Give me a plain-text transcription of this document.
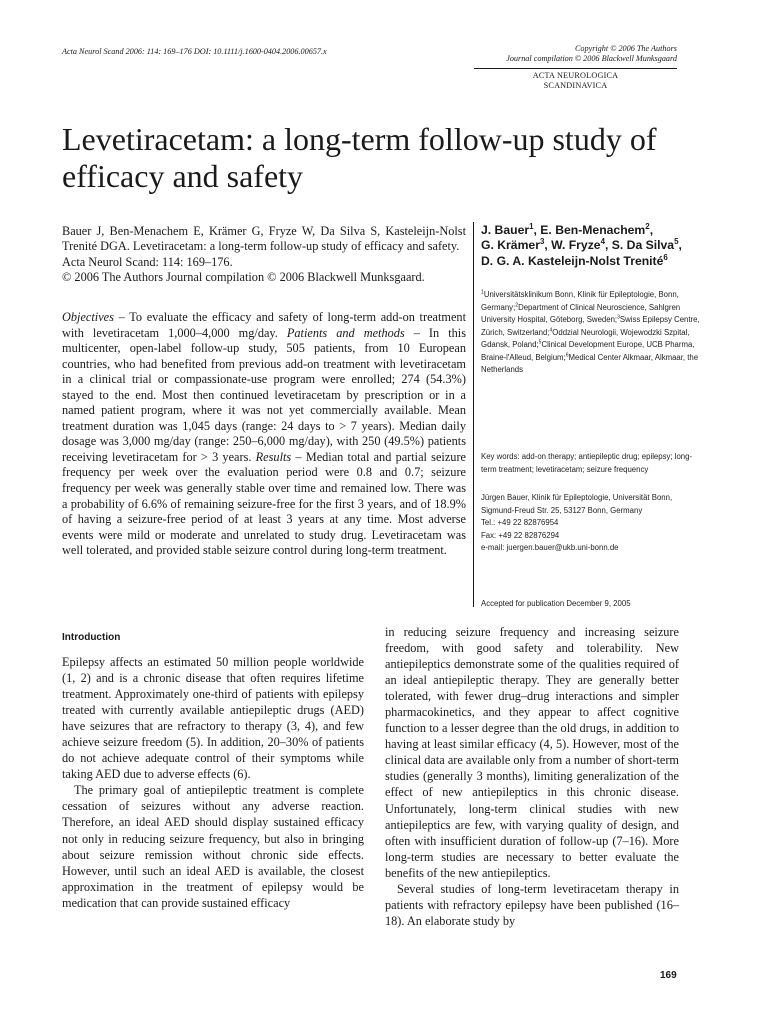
Acta Neurol Scand 2006: 114: 169–176 DOI: 10.1111/j.1600-0404.2006.00657.x	Copyright © 2006 The Authors
Journal compilation © 2006 Blackwell Munksgaard
ACTA NEUROLOGICA
SCANDINAVICA
Levetiracetam: a long-term follow-up study of efficacy and safety
Bauer J, Ben-Menachem E, Krämer G, Fryze W, Da Silva S, Kasteleijn-Nolst Trenité DGA. Levetiracetam: a long-term follow-up study of efficacy and safety.
Acta Neurol Scand: 114: 169–176.
© 2006 The Authors Journal compilation © 2006 Blackwell Munksgaard.
Objectives – To evaluate the efficacy and safety of long-term add-on treatment with levetiracetam 1,000–4,000 mg/day. Patients and methods – In this multicenter, open-label follow-up study, 505 patients, from 10 European countries, who had benefited from previous add-on treatment with levetiracetam in a clinical trial or compassionate-use program were enrolled; 274 (54.3%) stayed to the end. Most then continued levetiracetam by prescription or in a named patient program, where it was not yet commercially available. Mean treatment duration was 1,045 days (range: 24 days to > 7 years). Median daily dosage was 3,000 mg/day (range: 250–6,000 mg/day), with 250 (49.5%) patients receiving levetiracetam for > 3 years. Results – Median total and partial seizure frequency per week over the evaluation period were 0.8 and 0.7; seizure frequency per week was generally stable over time and remained low. There was a probability of 6.6% of remaining seizure-free for the first 3 years, and of 18.9% of having a seizure-free period of at least 3 years at any time. Most adverse events were mild or moderate and unrelated to study drug. Levetiracetam was well tolerated, and provided stable seizure control during long-term treatment.
J. Bauer$^1$, E. Ben-Menachem$^2$,
G. Krämer$^3$, W. Fryze$^4$, S. Da Silva$^5$,
D. G. A. Kasteleijn-Nolst Trenité$^6$
$^1$Universitätsklinikum Bonn, Klinik für Epileptologie, Bonn, Germany;$^2$Department of Clinical Neuroscience, Sahlgren University Hospital, Göteborg, Sweden;$^3$Swiss Epilepsy Centre, Zürich, Switzerland;$^4$Oddzial Neurologii, Wojewodzki Szpital, Gdansk, Poland;$^5$Clinical Development Europe, UCB Pharma, Braine-l'Alleud, Belgium;$^6$Medical Center Alkmaar, Alkmaar, the Netherlands
Key words: add-on therapy; antiepileptic drug; epilepsy; long-term treatment; levetiracetam; seizure frequency
Jürgen Bauer, Klinik für Epileptologie, Universität Bonn,
Sigmund-Freud Str. 25, 53127 Bonn, Germany
Tel.: +49 22 82876954
Fax: +49 22 82876294
e-mail: juergen.bauer@ukb.uni-bonn.de
Accepted for publication December 9, 2005
Introduction

Epilepsy affects an estimated 50 million people worldwide (1, 2) and is a chronic disease that often requires lifetime treatment. Approximately one-third of patients with epilepsy treated with currently available antiepileptic drugs (AED) have seizures that are refractory to therapy (3, 4), and few achieve seizure freedom (5). In addition, 20–30% of patients do not achieve adequate control of their symptoms while taking AED due to adverse effects (6).

The primary goal of antiepileptic treatment is complete cessation of seizures without any adverse reaction. Therefore, an ideal AED should display sustained efficacy not only in reducing seizure frequency, but also in bringing about seizure remission without chronic side effects. However, until such an ideal AED is available, the closest approximation in the treatment of epilepsy would be medication that can provide sustained efficacy

in reducing seizure frequency and increasing seizure freedom, with good safety and tolerability. New antiepileptics demonstrate some of the qualities required of an ideal antiepileptic therapy. They are generally better tolerated, with fewer drug–drug interactions and simpler pharmacokinetics, and they appear to affect cognitive function to a lesser degree than the old drugs, in addition to having at least similar efficacy (4, 5). However, most of the clinical data are available only from a number of short-term studies (generally 3 months), limiting generalization of the effect of new antiepileptics in this chronic disease. Unfortunately, long-term clinical studies with new antiepileptics are few, with varying quality of design, and often with insufficient duration of follow-up (7–16). More long-term studies are necessary to better evaluate the benefits of the new antiepileptics.

Several studies of long-term levetiracetam therapy in patients with refractory epilepsy have been published (16–18). An elaborate study by

169
